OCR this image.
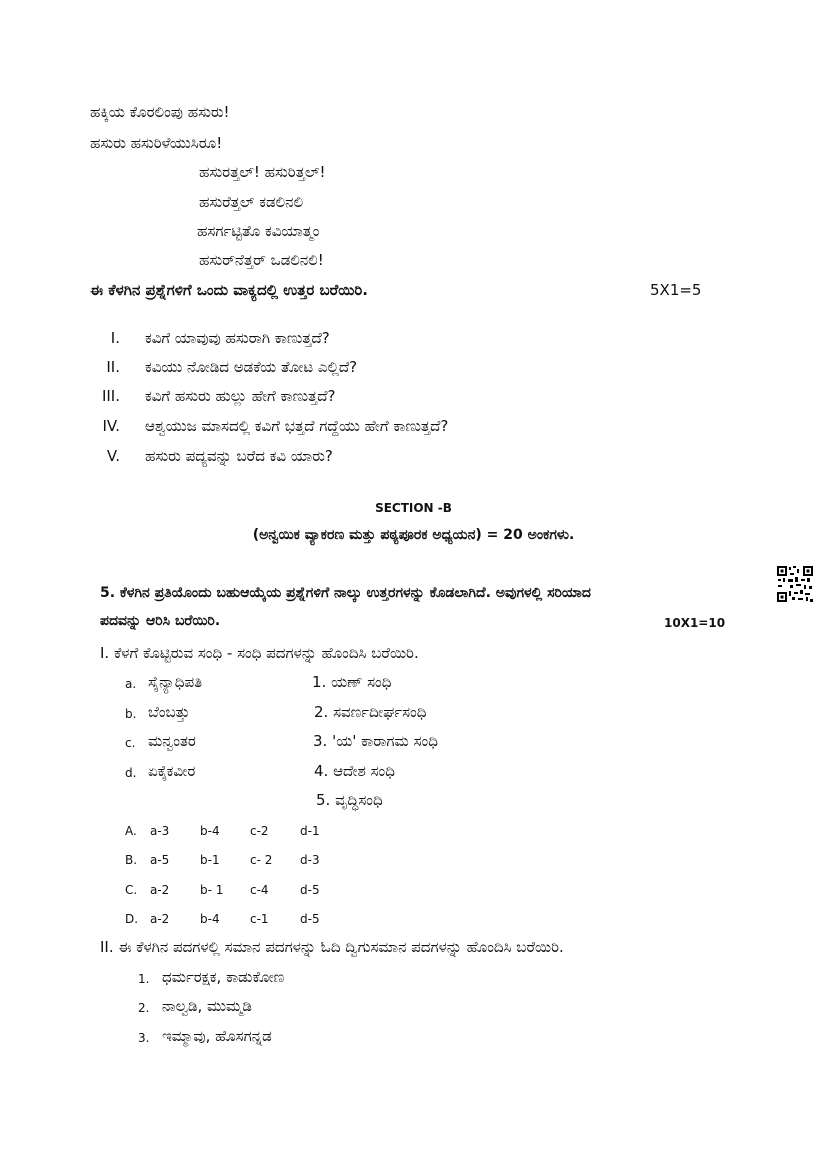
ಹಕ್ಕಿಯ ಕೊರಲಿಂಪು ಹಸುರು!
ಹಸುರು ಹಸುರಿಳೆಯುಸಿರೂ!
ಹಸುರತ್ತಲ್! ಹಸುರಿತ್ತಲ್!
ಹಸುರೆತ್ತಲ್ ಕಡಲಿನಲಿ
ಹಸರ್ಗಟ್ಟಿತೊ ಕವಿಯಾತ್ಮಂ
ಹಸುರ್‌ನೆತ್ತರ್ ಒಡಲಿನಲಿ!
ಈ ಕೆಳಗಿನ ಪ್ರಶ್ನೆಗಳಿಗೆ ಒಂದು ವಾಕ್ಯದಲ್ಲಿ ಉತ್ತರ ಬರೆಯಿರಿ.	5X1=5
I. ಕವಿಗೆ ಯಾವುವು ಹಸುರಾಗಿ ಕಾಣುತ್ತದೆ?
II. ಕವಿಯು ನೋಡಿದ ಅಡಕೆಯ ತೋಟ ಎಲ್ಲಿದೆ?
III. ಕವಿಗೆ ಹಸುರು ಹುಲ್ಲು ಹೇಗೆ ಕಾಣುತ್ತದೆ?
IV. ಆಶ್ವಯುಜ ಮಾಸದಲ್ಲಿ ಕವಿಗೆ ಭತ್ತದೆ ಗದ್ದೆಯು ಹೇಗೆ ಕಾಣುತ್ತದೆ?
V. ಹಸುರು ಪದ್ಯವನ್ನು ಬರೆದ ಕವಿ ಯಾರು?
SECTION -B
(ಅನ್ವಯಿಕ ವ್ಯಾಕರಣ ಮತ್ತು ಪಠ್ಯಪೂರಕ ಅಧ್ಯಯನ) = 20 ಅಂಕಗಳು.
5. ಕೆಳಗಿನ ಪ್ರತಿಯೊಂದು ಬಹುಆಯ್ಕೆಯ ಪ್ರಶ್ನೆಗಳಿಗೆ ನಾಲ್ಕು ಉತ್ತರಗಳನ್ನು ಕೊಡಲಾಗಿದೆ. ಅವುಗಳಲ್ಲಿ ಸರಿಯಾದ
ಪದವನ್ನು ಆರಿಸಿ ಬರೆಯಿರಿ.	10X1=10
I. ಕೆಳಗೆ ಕೊಟ್ಟಿರುವ ಸಂಧಿ - ಸಂಧಿ ಪದಗಳನ್ನು ಹೊಂದಿಸಿ ಬರೆಯಿರಿ.
a. ಸೈನ್ಯಾಧಿಪತಿ
b. ಬೆಂಬತ್ತು
c. ಮನ್ವಂತರ
d. ಏಕೈಕವೀರ
1. ಯಣ್ ಸಂಧಿ
2. ಸವರ್ಣದೀರ್ಘಸಂಧಿ
3. 'ಯ' ಕಾರಾಗಮ ಸಂಧಿ
4. ಆದೇಶ ಸಂಧಿ
5. ವೃದ್ಧಿಸಂಧಿ
A. a-3	b-4	c-2	d-1
B. a-5	b-1	c- 2 d-3
C. a-2	b- 1 c-4	d-5
D. a-2	b-4	c-1	d-5
II. ಈ ಕೆಳಗಿನ ಪದಗಳಲ್ಲಿ ಸಮಾನ ಪದಗಳನ್ನು ಓದಿ ದ್ವಿಗುಸಮಾನ ಪದಗಳನ್ನು ಹೊಂದಿಸಿ ಬರೆಯಿರಿ.
1. ಧರ್ಮರಕ್ಷಕ, ಕಾಡುಕೋಣ
2. ನಾಲ್ವಡಿ, ಮುಮ್ಮಡಿ
3. ಇಮ್ಮಾವು, ಹೊಸಗನ್ನಡ
